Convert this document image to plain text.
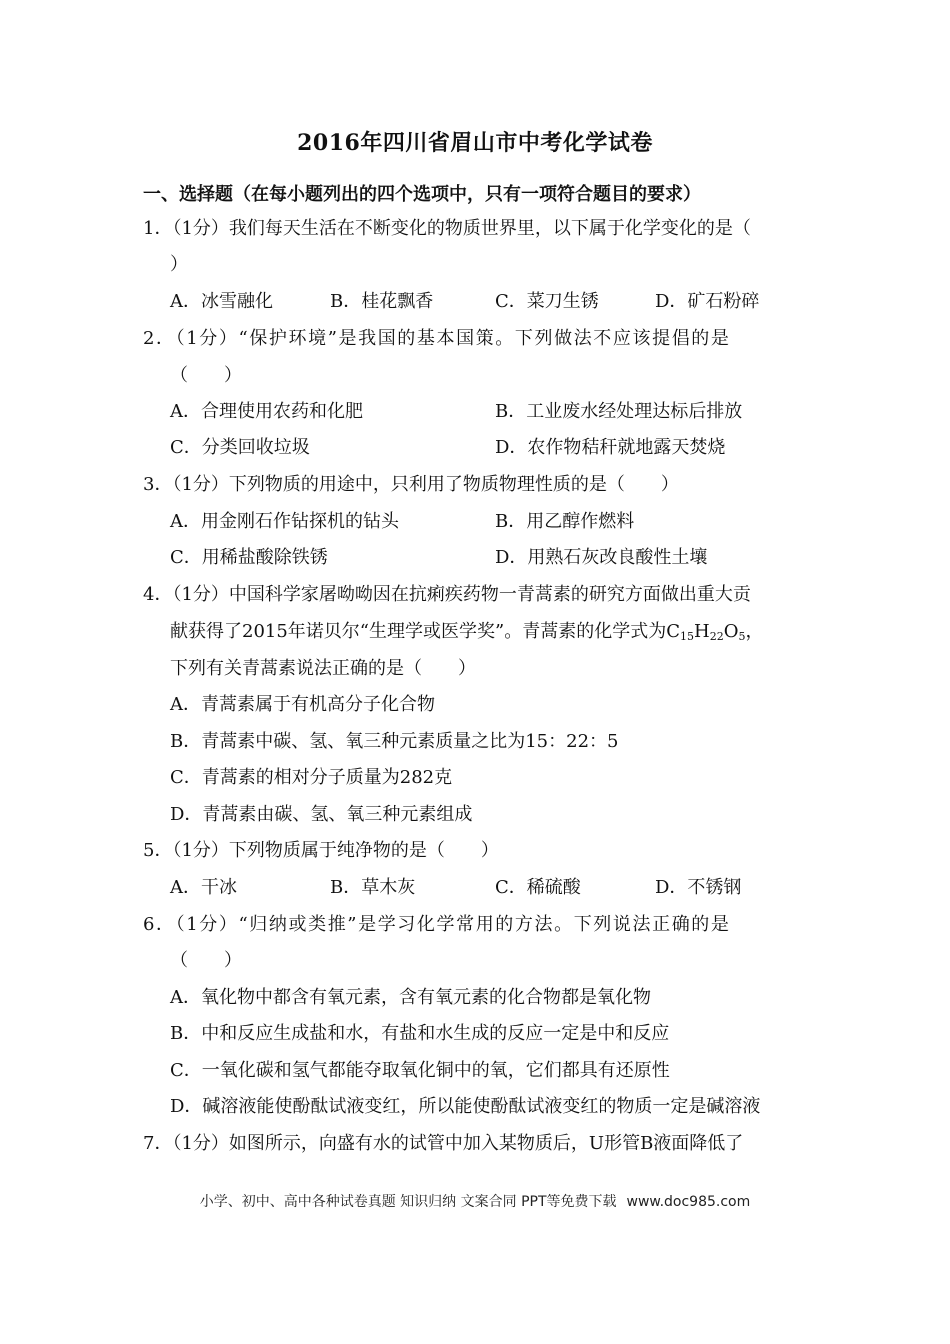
2016年四川省眉山市中考化学试卷
一、选择题（在每小题列出的四个选项中，只有一项符合题目的要求）
1．（1分）我们每天生活在不断变化的物质世界里，以下属于化学变化的是（
）
A．冰雪融化	B．桂花飘香	C．菜刀生锈	D．矿石粉碎
2．（1分）“保护环境”是我国的基本国策。下列做法不应该提倡的是
（　　）
A．合理使用农药和化肥	B．工业废水经处理达标后排放
C．分类回收垃圾	D．农作物秸秆就地露天焚烧
3．（1分）下列物质的用途中，只利用了物质物理性质的是（　　）
A．用金刚石作钻探机的钻头	B．用乙醇作燃料
C．用稀盐酸除铁锈	D．用熟石灰改良酸性土壤
4．（1分）中国科学家屠呦呦因在抗痢疾药物一青蒿素的研究方面做出重大贡
献获得了2015年诺贝尔“生理学或医学奖”。青蒿素的化学式为$C_{15}H_{22}O_5$，
下列有关青蒿素说法正确的是（　　）
A．青蒿素属于有机高分子化合物
B．青蒿素中碳、氢、氧三种元素质量之比为15：22：5
C．青蒿素的相对分子质量为282克
D．青蒿素由碳、氢、氧三种元素组成
5．（1分）下列物质属于纯净物的是（　　）
A．干冰	B．草木灰	C．稀硫酸	D．不锈钢
6．（1分）“归纳或类推”是学习化学常用的方法。下列说法正确的是
（　　）
A．氧化物中都含有氧元素，含有氧元素的化合物都是氧化物
B．中和反应生成盐和水，有盐和水生成的反应一定是中和反应
C．一氧化碳和氢气都能夺取氧化铜中的氧，它们都具有还原性
D．碱溶液能使酚酞试液变红，所以能使酚酞试液变红的物质一定是碱溶液
7．（1分）如图所示，向盛有水的试管中加入某物质后，U形管B液面降低了
小学、初中、高中各种试卷真题 知识归纳 文案合同 PPT等免费下载 www.doc985.com
